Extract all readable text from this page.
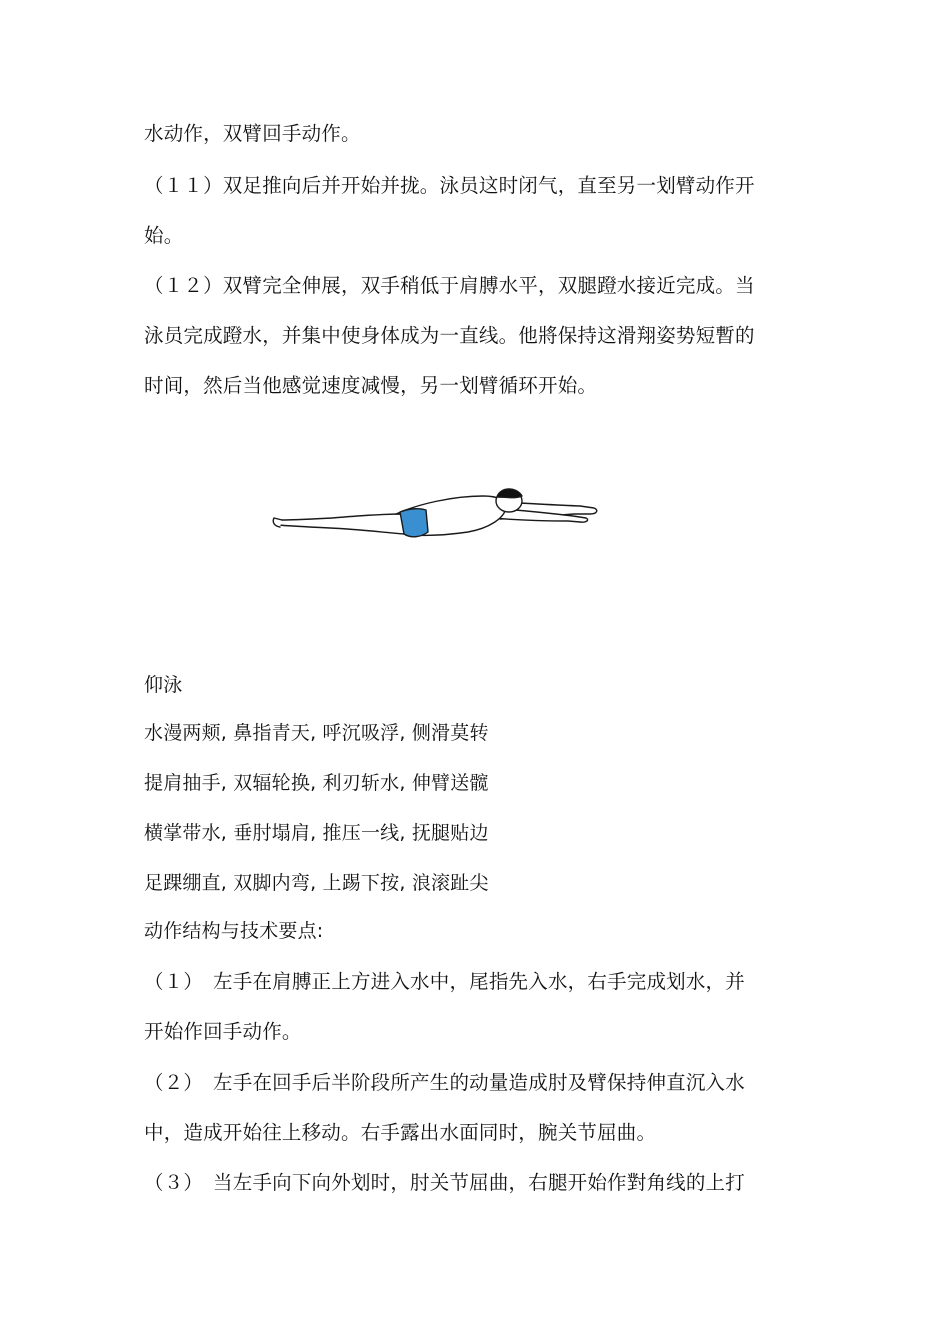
水动作，双臂回手动作。
（１１）双足推向后并开始并拢。泳员这时闭气，直至另一划臂动作开
始。
（１２）双臂完全伸展，双手稍低于肩膊水平，双腿蹬水接近完成。当
泳员完成蹬水，并集中使身体成为一直线。他將保持这滑翔姿势短暫的
时间，然后当他感觉速度减慢，另一划臂循环开始。
仰泳
水漫两颊, 鼻指青天, 呼沉吸浮, 侧滑莫转
提肩抽手, 双辐轮换, 利刃斩水, 伸臂送髋
横掌带水, 垂肘塌肩, 推压一线, 抚腿贴边
足踝绷直, 双脚内弯, 上踢下按, 浪滚趾尖
动作结构与技术要点:
（１）　左手在肩膊正上方进入水中，尾指先入水，右手完成划水，并
开始作回手动作。
（２）　左手在回手后半阶段所产生的动量造成肘及臂保持伸直沉入水
中，造成开始往上移动。右手露出水面同时，腕关节屈曲。
（３）　当左手向下向外划时，肘关节屈曲，右腿开始作對角线的上打
